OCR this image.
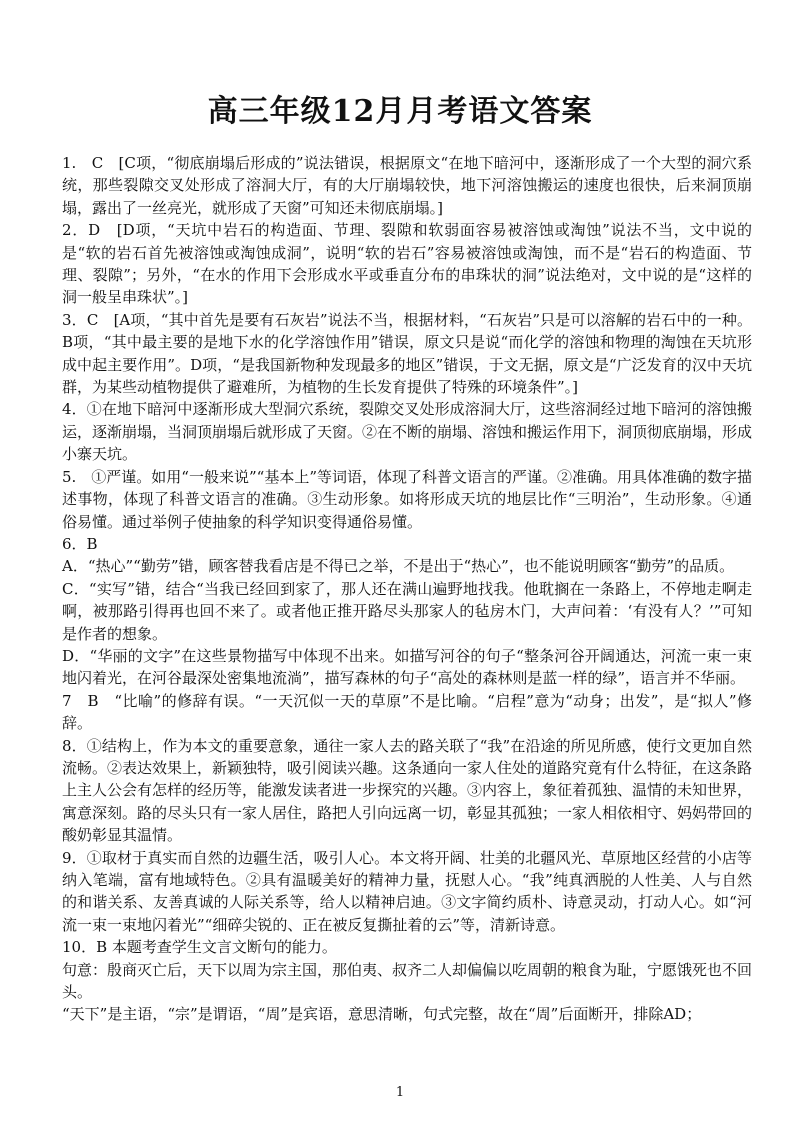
高三年级12月月考语文答案

1.　C　[C项，“彻底崩塌后形成的”说法错误，根据原文“在地下暗河中，逐渐形成了一个大型的洞穴系统，那些裂隙交叉处形成了溶洞大厅，有的大厅崩塌较快，地下河溶蚀搬运的速度也很快，后来洞顶崩塌，露出了一丝亮光，就形成了天窗”可知还未彻底崩塌。]

2．D　[D项，“天坑中岩石的构造面、节理、裂隙和软弱面容易被溶蚀或淘蚀”说法不当，文中说的是“软的岩石首先被溶蚀或淘蚀成洞”，说明“软的岩石”容易被溶蚀或淘蚀，而不是“岩石的构造面、节理、裂隙”；另外，“在水的作用下会形成水平或垂直分布的串珠状的洞”说法绝对，文中说的是“这样的洞一般呈串珠状”。]

3．C　[A项，“其中首先是要有石灰岩”说法不当，根据材料，“石灰岩”只是可以溶解的岩石中的一种。B项，“其中最主要的是地下水的化学溶蚀作用”错误，原文只是说“而化学的溶蚀和物理的淘蚀在天坑形成中起主要作用”。D项，“是我国新物种发现最多的地区”错误，于文无据，原文是“广泛发育的汉中天坑群，为某些动植物提供了避难所，为植物的生长发育提供了特殊的环境条件”。]

4．①在地下暗河中逐渐形成大型洞穴系统，裂隙交叉处形成溶洞大厅，这些溶洞经过地下暗河的溶蚀搬运，逐渐崩塌，当洞顶崩塌后就形成了天窗。②在不断的崩塌、溶蚀和搬运作用下，洞顶彻底崩塌，形成小寨天坑。

5.　①严谨。如用“一般来说”“基本上”等词语，体现了科普文语言的严谨。②准确。用具体准确的数字描述事物，体现了科普文语言的准确。③生动形象。如将形成天坑的地层比作“三明治”，生动形象。④通俗易懂。通过举例子使抽象的科学知识变得通俗易懂。

6．B

A．“热心”“勤劳”错，顾客替我看店是不得已之举，不是出于“热心”，也不能说明顾客“勤劳”的品质。

C．“实写”错，结合“当我已经回到家了，那人还在满山遍野地找我。他耽搁在一条路上，不停地走啊走啊，被那路引得再也回不来了。或者他正推开路尽头那家人的毡房木门，大声问着：‘有没有人？’”可知是作者的想象。

D．“华丽的文字”在这些景物描写中体现不出来。如描写河谷的句子“整条河谷开阔通达，河流一束一束地闪着光，在河谷最深处密集地流淌”，描写森林的句子“高处的森林则是蓝一样的绿”，语言并不华丽。

7　B　“比喻”的修辞有误。“一天沉似一天的草原”不是比喻。“启程”意为“动身；出发”，是“拟人”修辞。

8．①结构上，作为本文的重要意象，通往一家人去的路关联了“我”在沿途的所见所感，使行文更加自然流畅。②表达效果上，新颖独特，吸引阅读兴趣。这条通向一家人住处的道路究竟有什么特征，在这条路上主人公会有怎样的经历等，能激发读者进一步探究的兴趣。③内容上，象征着孤独、温情的未知世界，寓意深刻。路的尽头只有一家人居住，路把人引向远离一切，彰显其孤独；一家人相依相守、妈妈带回的酸奶彰显其温情。

9．①取材于真实而自然的边疆生活，吸引人心。本文将开阔、壮美的北疆风光、草原地区经营的小店等纳入笔端，富有地域特色。②具有温暖美好的精神力量，抚慰人心。“我”纯真洒脱的人性美、人与自然的和谐关系、友善真诚的人际关系等，给人以精神启迪。③文字简约质朴、诗意灵动，打动人心。如“河流一束一束地闪着光”“细碎尖锐的、正在被反复撕扯着的云”等，清新诗意。

10．B 本题考查学生文言文断句的能力。

句意：殷商灭亡后，天下以周为宗主国，那伯夷、叔齐二人却偏偏以吃周朝的粮食为耻，宁愿饿死也不回头。

“天下”是主语，“宗”是谓语，“周”是宾语，意思清晰，句式完整，故在“周”后面断开，排除AD；

1
